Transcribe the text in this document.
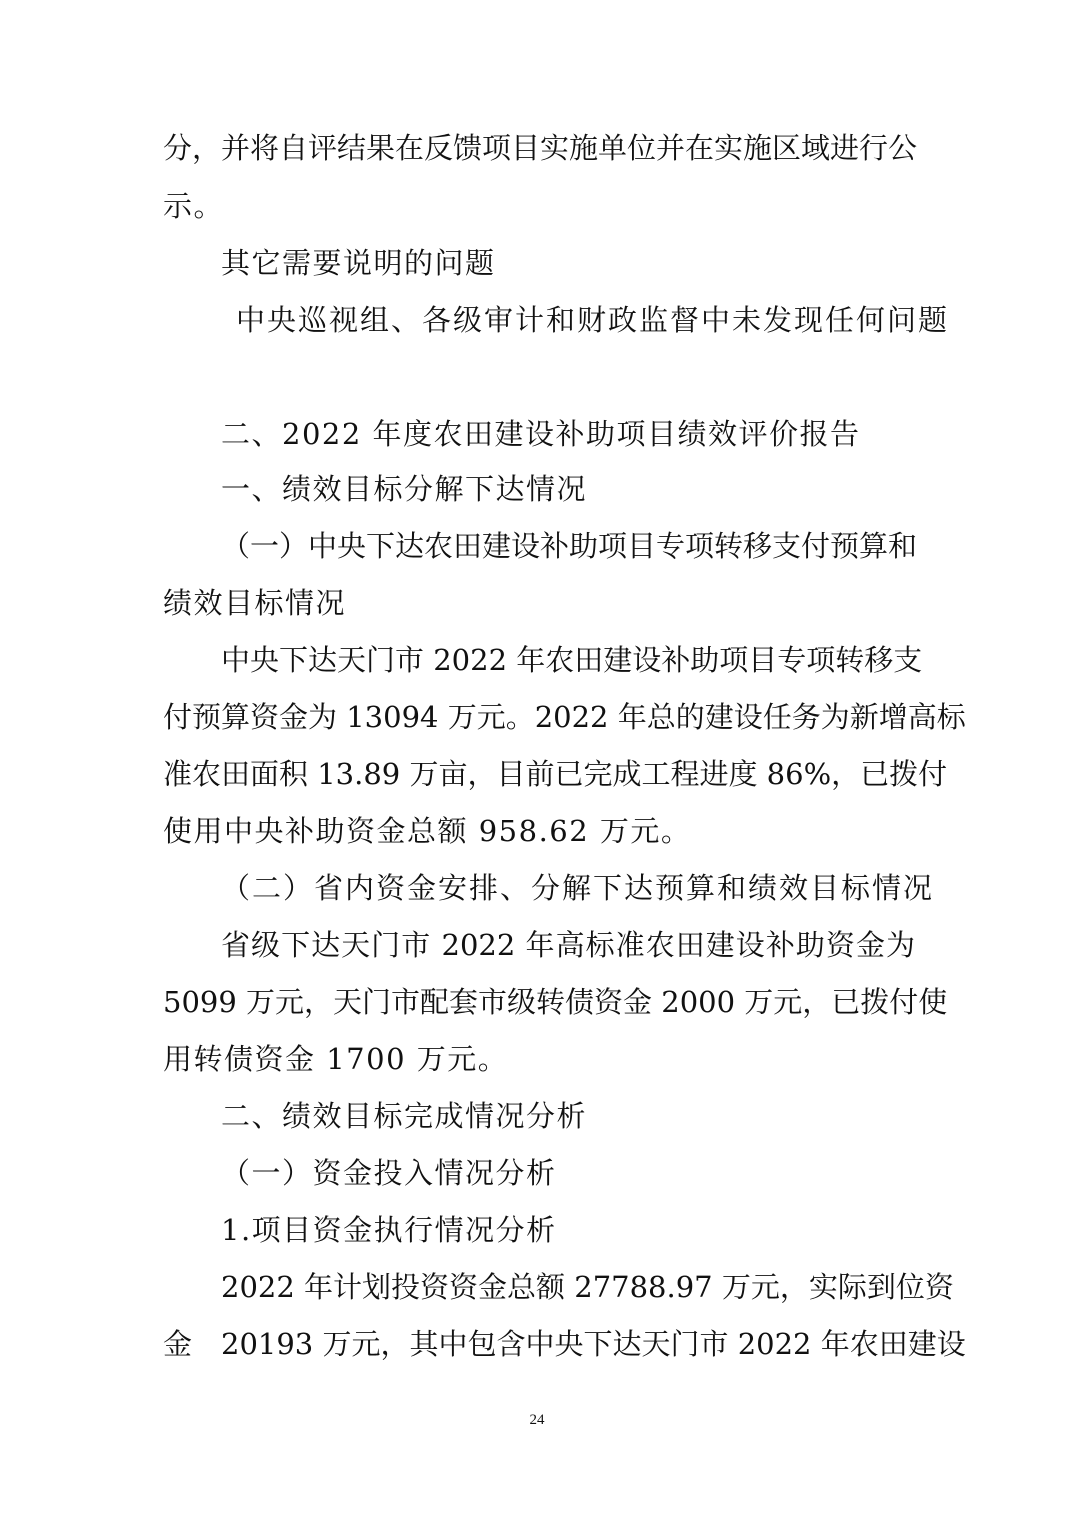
分，并将自评结果在反馈项目实施单位并在实施区域进行公
示。
其它需要说明的问题
中央巡视组、各级审计和财政监督中未发现任何问题
二、2022 年度农田建设补助项目绩效评价报告
一、绩效目标分解下达情况
（一）中央下达农田建设补助项目专项转移支付预算和
绩效目标情况
中央下达天门市 2022 年农田建设补助项目专项转移支
付预算资金为 13094 万元。2022 年总的建设任务为新增高标
准农田面积 13.89 万亩，目前已完成工程进度 86%，已拨付
使用中央补助资金总额 958.62 万元。
（二）省内资金安排、分解下达预算和绩效目标情况
省级下达天门市 2022 年高标准农田建设补助资金为
5099 万元，天门市配套市级转债资金 2000 万元，已拨付使
用转债资金 1700 万元。
二、绩效目标完成情况分析
（一）资金投入情况分析
1.项目资金执行情况分析
2022 年计划投资资金总额 27788.97 万元，实际到位资
金　20193 万元，其中包含中央下达天门市 2022 年农田建设
24
